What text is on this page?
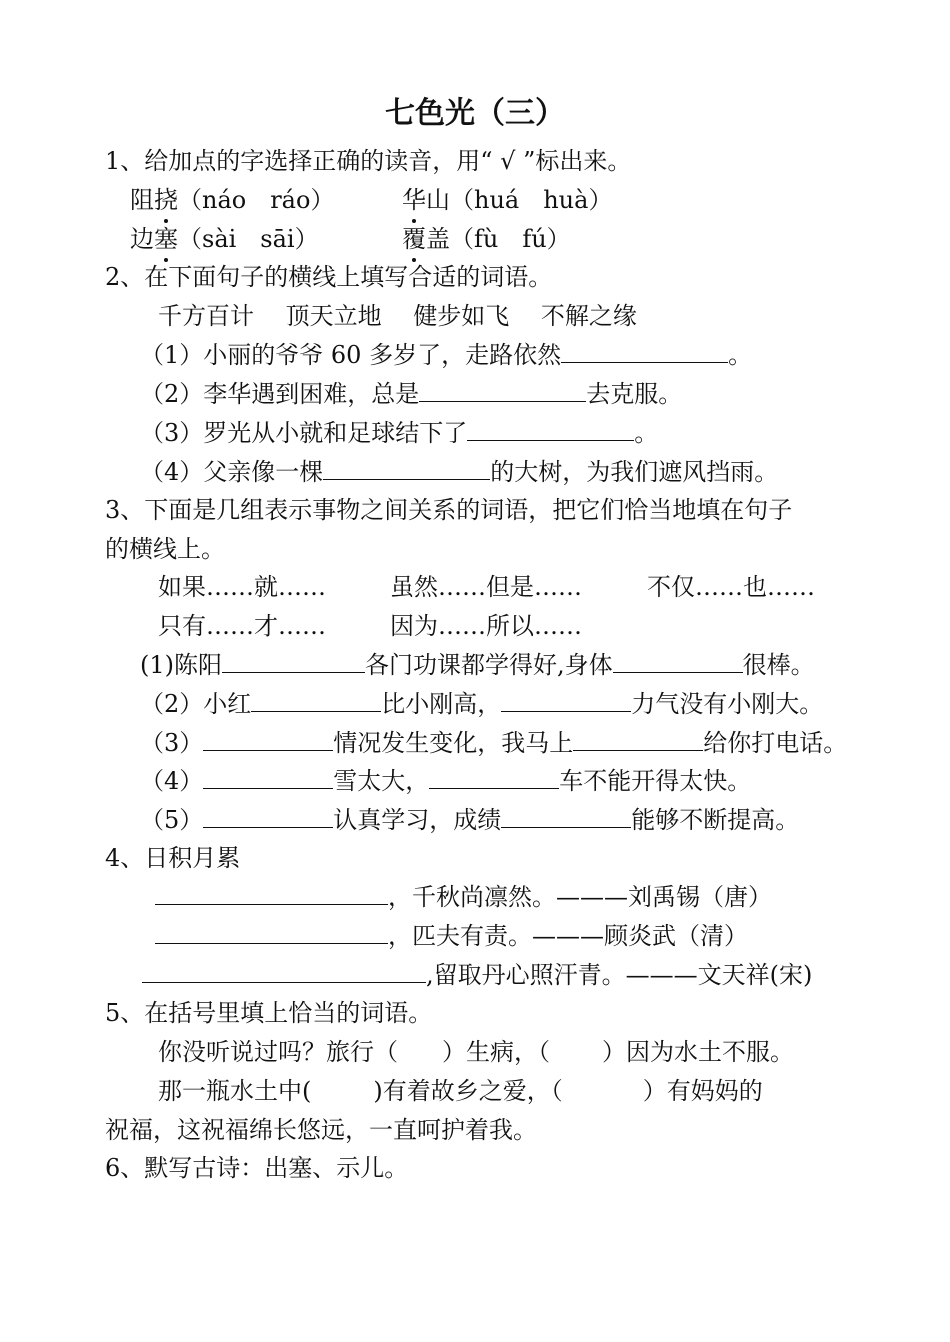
七色光（三）
1、给加点的字选择正确的读音，用“ √ ”标出来。
阻挠（náo　ráo）	华山（huá　huà）
边塞（sài　sāi）	覆盖（fù　fú）
2、在下面句子的横线上填写合适的词语。
千方百计　 顶天立地　 健步如飞　 不解之缘
（1）小丽的爷爷 60 多岁了，走路依然	。
（2）李华遇到困难，总是	去克服。
（3）罗光从小就和足球结下了	。
（4）父亲像一棵	的大树，为我们遮风挡雨。
3、下面是几组表示事物之间关系的词语，把它们恰当地填在句子
的横线上。
如果……就……	虽然……但是……	不仅……也……
只有……才……	因为……所以……
(1)陈阳	各门功课都学得好,身体	很棒。
（2）小红	比小刚高，	力气没有小刚大。
（3）	情况发生变化，我马上	给你打电话。
（4）	雪太大，	车不能开得太快。
（5）	认真学习，成绩	能够不断提高。
4、日积月累
，千秋尚凛然。———刘禹锡（唐）
，匹夫有责。———顾炎武（清）
,留取丹心照汗青。———文天祥(宋)
5、在括号里填上恰当的词语。
你没听说过吗？旅行（ ）生病，（ ）因为水土不服。
那一瓶水土中(	)有着故乡之爱，（	）有妈妈的
祝福，这祝福绵长悠远，一直呵护着我。
6、默写古诗：出塞、示儿。
